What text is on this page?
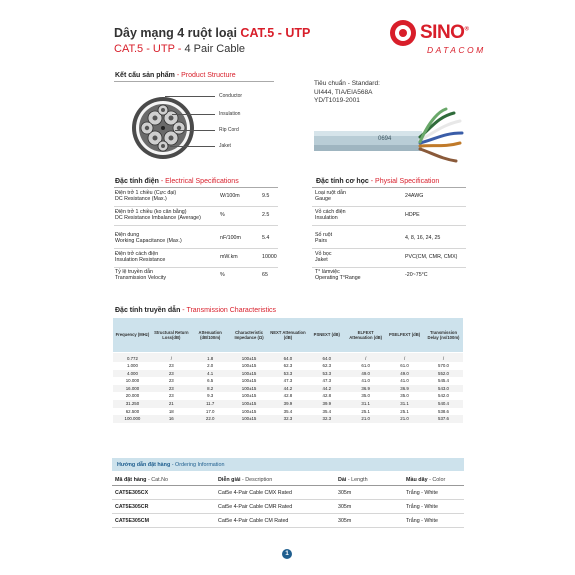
Dây mạng 4 ruột loại CAT.5 - UTP
CAT.5 - UTP - 4 Pair Cable
SINO®
DATACOM
Kết cấu sản phẩm - Product Structure
Conductor
Insulation
Rip Cord
Jaket
Tiêu chuẩn - Standard:
UI444, TIA/EIA568A
YD/T1019-2001
0694
Đặc tính điện - Electrical Specifications
Điện trở 1 chiều (Cực đại)
DC Resistance (Max.)
W/100m	9.5
Điện trở 1 chiều (ko cân bằng)
DC Resistance Imbalance (Average)
%	2.5
Điện dung
Working Capacitance (Max.)
nF/100m	5.4
Điện trở cách điện
Insulation Resistance
mW.km	10000
Tỷ lệ truyền dẫn
Transmission Velocity
%	65
Đặc tính cơ học - Physial Specification
Loại ruột dẫn
Gauge
24AWG
Vỏ cách điện
Insulation
HDPE
Số ruột
Pairs
4, 8, 16, 24, 25
Vỏ bọc
Jaket
PVC(CM, CMR, CMX)
T° làmviệc
Operating T°Range
-20~75°C
Đặc tính truyền dẫn - Transmission Characteristics
Frequency (MHz)	Structural Return Loss(dB)	Attenuation (dB/100m)	Characteristic Impedance (Ω)	NEXT Attenuation (dB)	PSNEXT (dB)	ELFEXT Attenuation (dB)	PSELFEXT (dB)	Transmission Delay (ns/100m)
0.772	/	1.8	100±15	64.0	64.0	/	/	/
1.000	23	2.0	100±15	62.3	62.3	61.0	61.0	570.0
4.000	23	4.1	100±15	53.3	53.3	49.0	49.0	552.0
10.000	23	6.5	100±15	47.3	47.3	41.0	41.0	545.4
16.000	23	8.2	100±15	44.2	44.2	36.9	36.9	543.0
20.000	23	9.3	100±15	42.8	42.8	35.0	35.0	542.0
31.250	21	11.7	100±15	39.9	39.9	31.1	31.1	540.4
62.500	18	17.0	100±15	35.4	35.4	25.1	25.1	538.6
100.000	16	22.0	100±15	32.3	32.3	21.0	21.0	537.6
Hướng dẫn đặt hàng - Ordering Information
Mã đặt hàng - Cat.No	Diễn giải - Description	Dài - Length	Mầu dây - Color
CAT5E305CX	Cat5e 4-Pair Cable CMX Rated	305m	Trắng - White
CAT5E305CR	Cat5e 4-Pair Cable CMR Rated	305m	Trắng - White
CAT5E305CM	Cat5e 4-Pair Cable CM Rated	305m	Trắng - White
1
